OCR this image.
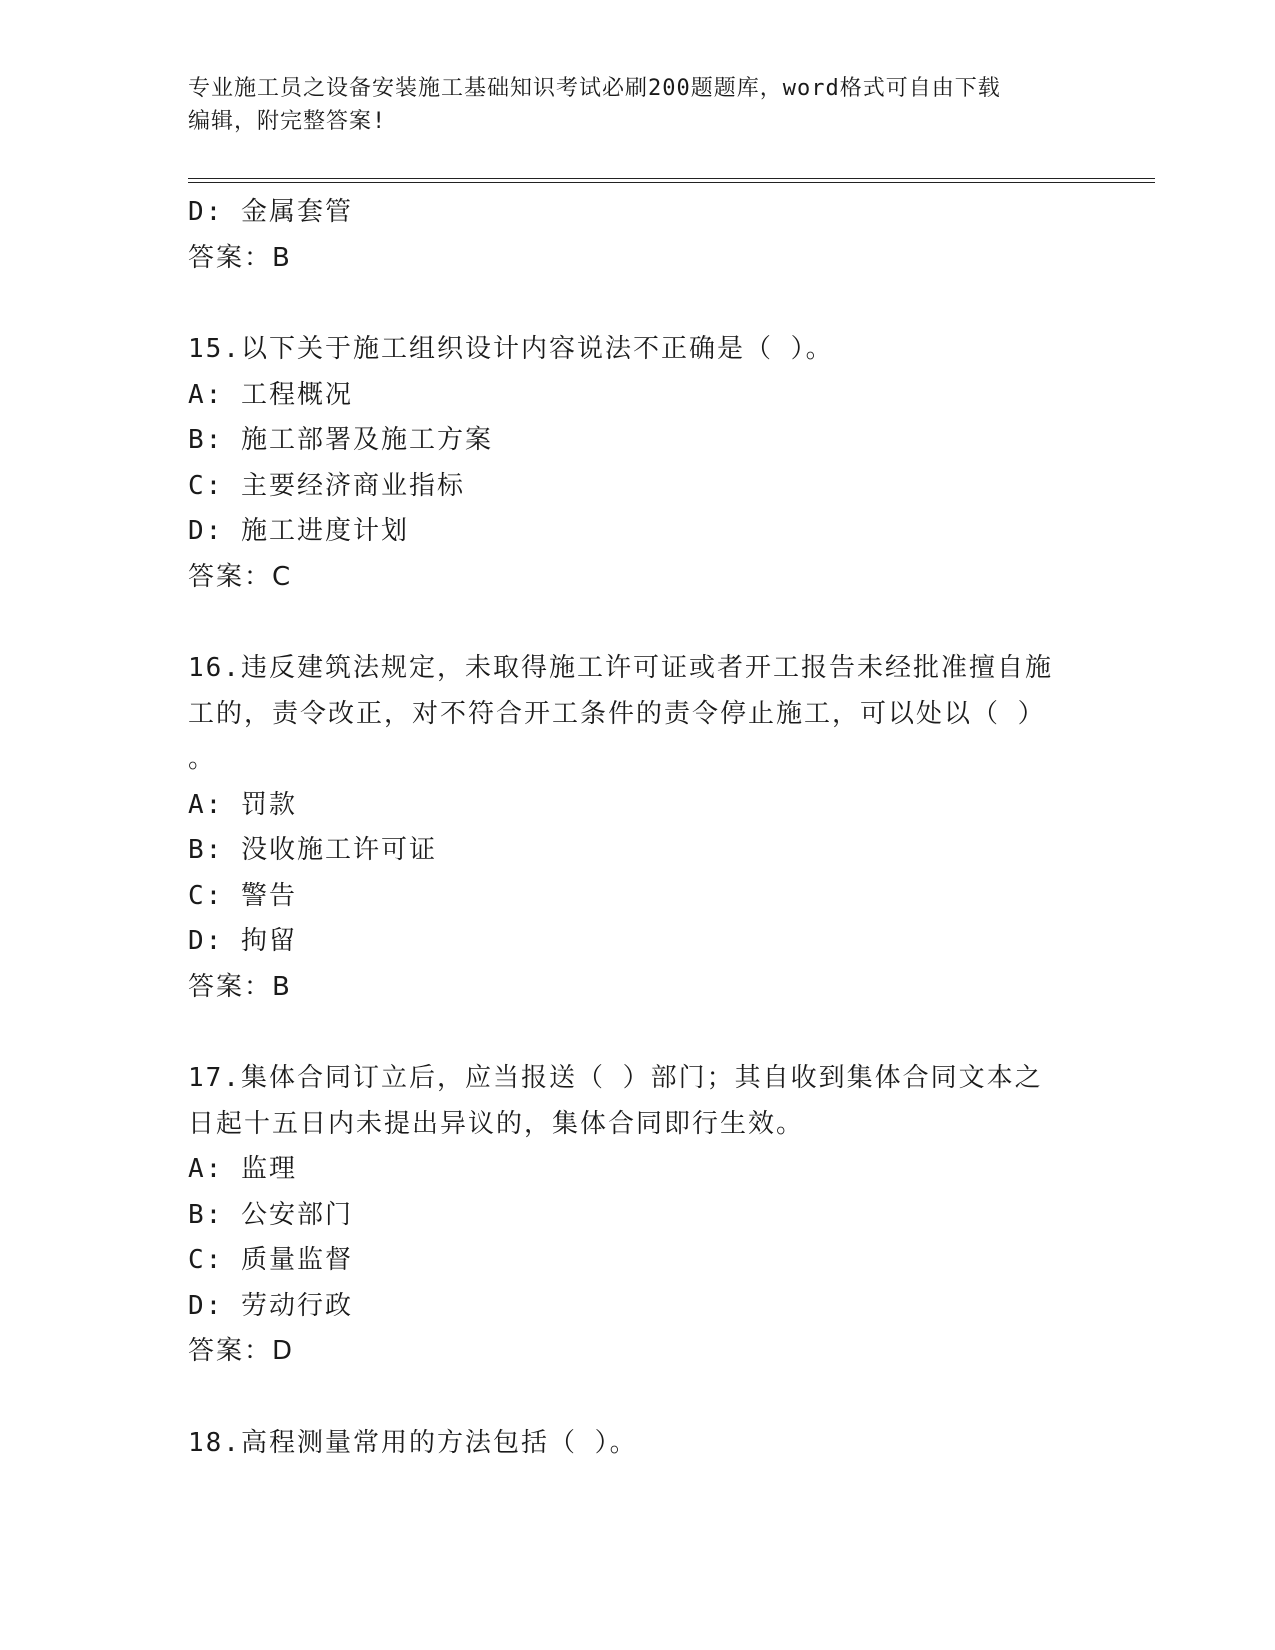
专业施工员之设备安装施工基础知识考试必刷200题题库，word格式可自由下载
编辑，附完整答案!
D: 金属套管
答案：B
15.以下关于施工组织设计内容说法不正确是（ ）。
A: 工程概况
B: 施工部署及施工方案
C: 主要经济商业指标
D: 施工进度计划
答案：C
16.违反建筑法规定，未取得施工许可证或者开工报告未经批准擅自施
工的，责令改正，对不符合开工条件的责令停止施工，可以处以（ ）
。
A: 罚款
B: 没收施工许可证
C: 警告
D: 拘留
答案：B
17.集体合同订立后，应当报送（ ）部门；其自收到集体合同文本之
日起十五日内未提出异议的，集体合同即行生效。
A: 监理
B: 公安部门
C: 质量监督
D: 劳动行政
答案：D
18.高程测量常用的方法包括（ ）。
